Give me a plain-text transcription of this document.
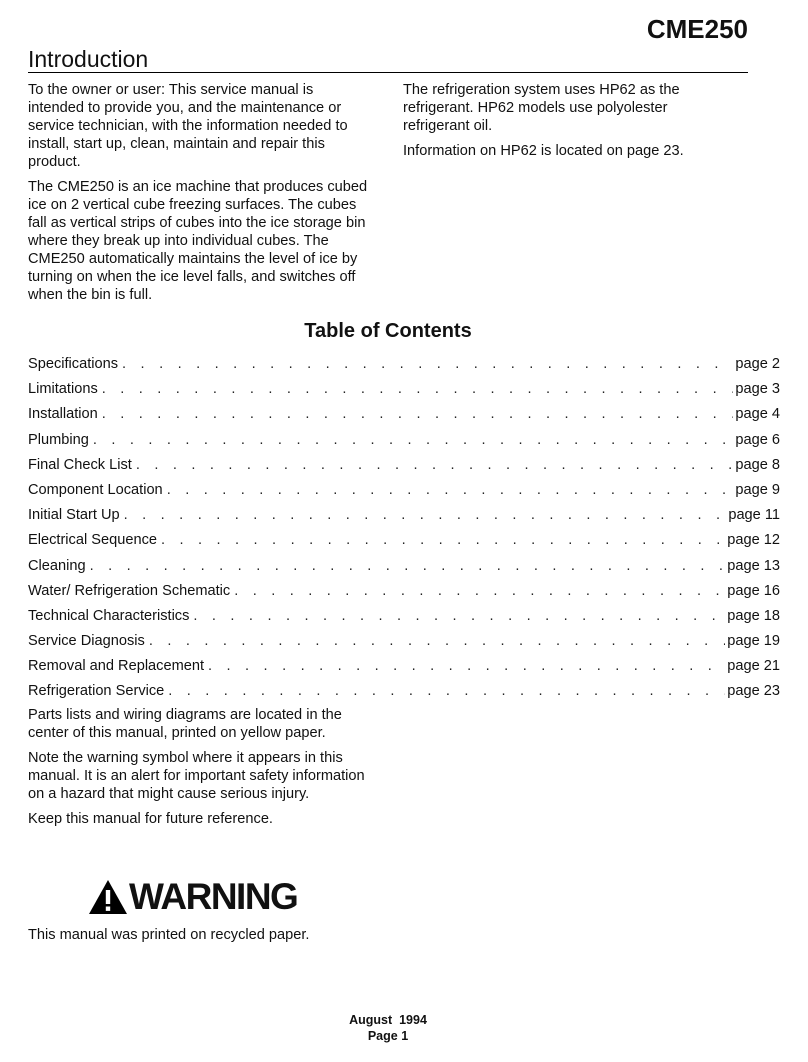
CME250
Introduction

To the owner or user: This service manual is intended to provide you, and the maintenance or service technician, with the information needed to install, start up, clean, maintain and repair this product.

The CME250 is an ice machine that produces cubed ice on 2 vertical cube freezing surfaces. The cubes fall as vertical strips of cubes into the ice storage bin where they break up into individual cubes. The CME250 automatically maintains the level of ice by turning on when the ice level falls, and switches off when the bin is full.

The refrigeration system uses HP62 as the refrigerant. HP62 models use polyolester refrigerant oil.

Information on HP62 is located on page 23.

Table of Contents
Specifications . . .	page 2
Limitations . . .	page 3
Installation . . .	page 4
Plumbing . . .	page 6
Final Check List . . .	page 8
Component Location . . .	page 9
Initial Start Up . . .	page 11
Electrical Sequence . . .	page 12
Cleaning . . .	page 13
Water/ Refrigeration Schematic . . .	page 16
Technical Characteristics . . .	page 18
Service Diagnosis . . .	page 19
Removal and Replacement . . .	page 21
Refrigeration Service . . .	page 23

Parts lists and wiring diagrams are located in the center of this manual, printed on yellow paper.

Note the warning symbol where it appears in this manual. It is an alert for important safety information on a hazard that might cause serious injury.

Keep this manual for future reference.

WARNING

This manual was printed on recycled paper.

August  1994
Page 1
